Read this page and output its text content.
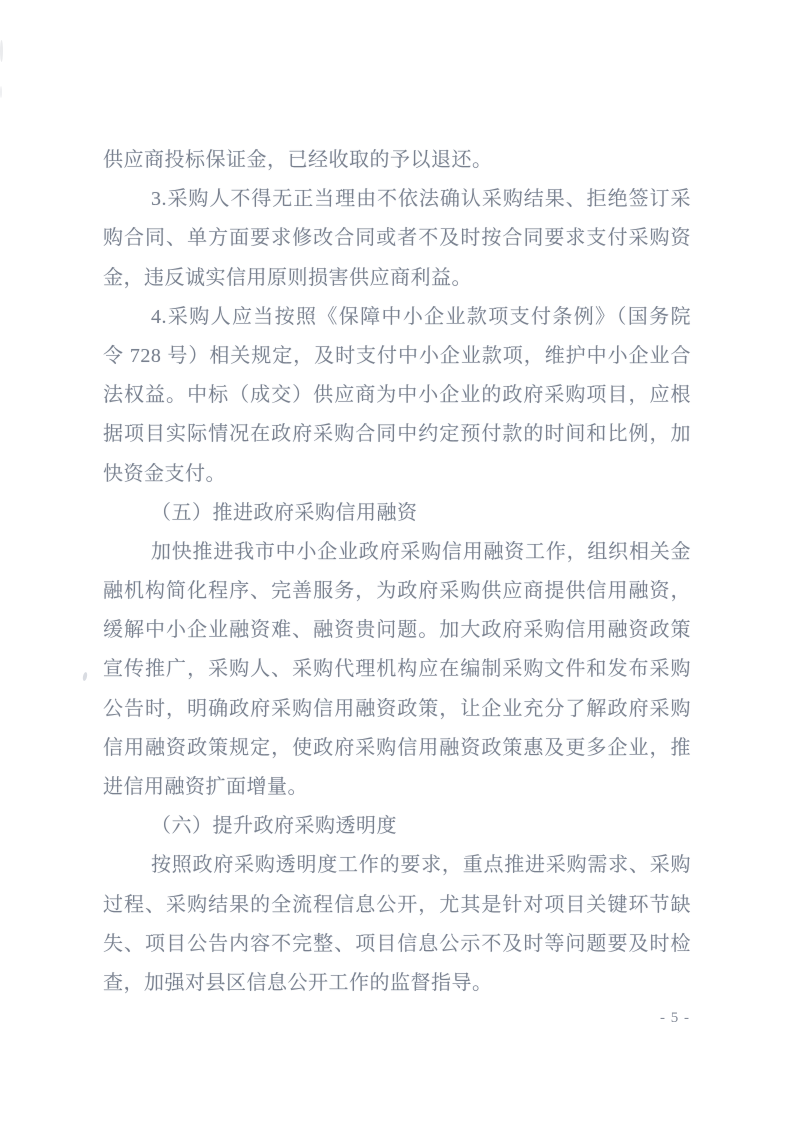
供应商投标保证金，已经收取的予以退还。
3.采购人不得无正当理由不依法确认采购结果、拒绝签订采
购合同、单方面要求修改合同或者不及时按合同要求支付采购资
金，违反诚实信用原则损害供应商利益。
4.采购人应当按照《保障中小企业款项支付条例》（国务院
令 728 号）相关规定，及时支付中小企业款项，维护中小企业合
法权益。中标（成交）供应商为中小企业的政府采购项目，应根
据项目实际情况在政府采购合同中约定预付款的时间和比例，加
快资金支付。
（五）推进政府采购信用融资
加快推进我市中小企业政府采购信用融资工作，组织相关金
融机构简化程序、完善服务，为政府采购供应商提供信用融资，
缓解中小企业融资难、融资贵问题。加大政府采购信用融资政策
宣传推广，采购人、采购代理机构应在编制采购文件和发布采购
公告时，明确政府采购信用融资政策，让企业充分了解政府采购
信用融资政策规定，使政府采购信用融资政策惠及更多企业，推
进信用融资扩面增量。
（六）提升政府采购透明度
按照政府采购透明度工作的要求，重点推进采购需求、采购
过程、采购结果的全流程信息公开，尤其是针对项目关键环节缺
失、项目公告内容不完整、项目信息公示不及时等问题要及时检
查，加强对县区信息公开工作的监督指导。
- 5 -
